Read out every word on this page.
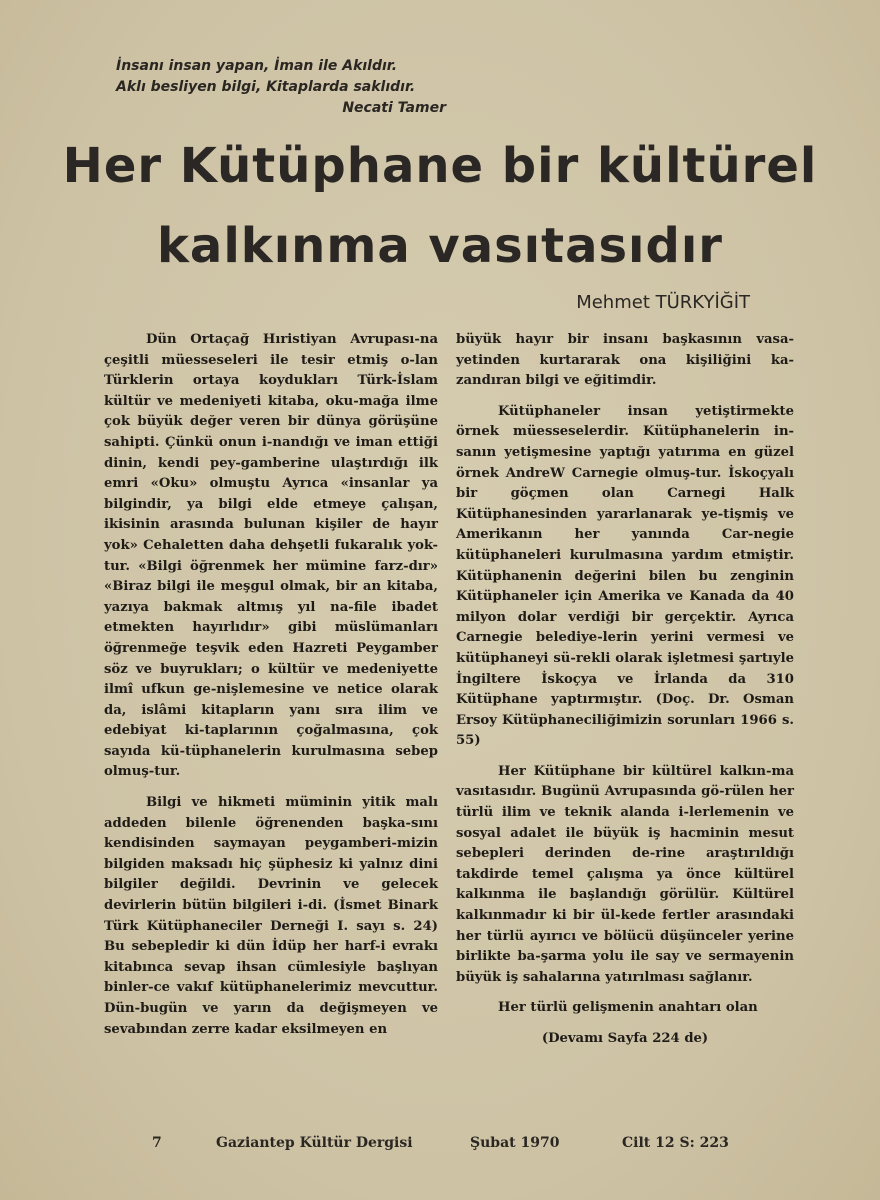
İnsanı insan yapan, İman ile Akıldır.
Aklı besliyen bilgi, Kitaplarda saklıdır.
Necati Tamer
Her Kütüphane bir kültürel
kalkınma vasıtasıdır
Mehmet TÜRKYİĞİT

Dün Ortaçağ Hıristiyan Avrupası-na çeşitli müesseseleri ile tesir etmiş o-lan Türklerin ortaya koydukları Türk-İslam kültür ve medeniyeti kitaba, oku-mağa ilme çok büyük değer veren bir dünya görüşüne sahipti. Çünkü onun i-nandığı ve iman ettiği dinin, kendi pey-gamberine ulaştırdığı ilk emri «Oku» olmuştu Ayrıca «insanlar ya bilgindir, ya bilgi elde etmeye çalışan, ikisinin arasında bulunan kişiler de hayır yok» Cehaletten daha dehşetli fukaralık yok-tur. «Bilgi öğrenmek her mümine farz-dır» «Biraz bilgi ile meşgul olmak, bir an kitaba, yazıya bakmak altmış yıl na-file ibadet etmekten hayırlıdır» gibi müslümanları öğrenmeğe teşvik eden Hazreti Peygamber söz ve buyrukları; o kültür ve medeniyette ilmî ufkun ge-nişlemesine ve netice olarak da, islâmi kitapların yanı sıra ilim ve edebiyat ki-taplarının çoğalmasına, çok sayıda kü-tüphanelerin kurulmasına sebep olmuş-tur.

Bilgi ve hikmeti müminin yitik malı addeden bilenle öğrenenden başka-sını kendisinden saymayan peygamberi-mizin bilgiden maksadı hiç şüphesiz ki yalnız dini bilgiler değildi. Devrinin ve gelecek devirlerin bütün bilgileri i-di. (İsmet Binark Türk Kütüphaneciler Derneği I. sayı s. 24) Bu sebepledir ki dün İdüp her harf-i evrakı kitabınca sevap ihsan cümlesiyle başlıyan binler-ce vakıf kütüphanelerimiz mevcuttur. Dün-bugün ve yarın da değişmeyen ve sevabından zerre kadar eksilmeyen en

büyük hayır bir insanı başkasının vasa-yetinden kurtararak ona kişiliğini ka-zandıran bilgi ve eğitimdir.

Kütüphaneler insan yetiştirmekte örnek müesseselerdir. Kütüphanelerin in-sanın yetişmesine yaptığı yatırıma en güzel örnek AndreW Carnegie olmuş-tur. İskoçyalı bir göçmen olan Carnegi Halk Kütüphanesinden yararlanarak ye-tişmiş ve Amerikanın her yanında Car-negie kütüphaneleri kurulmasına yardım etmiştir. Kütüphanenin değerini bilen bu zenginin Kütüphaneler için Amerika ve Kanada da 40 milyon dolar verdiği bir gerçektir. Ayrıca Carnegie belediye-lerin yerini vermesi ve kütüphaneyi sü-rekli olarak işletmesi şartıyle İngiltere İskoçya ve İrlanda da 310 Kütüphane yaptırmıştır. (Doç. Dr. Osman Ersoy Kütüphaneciliğimizin sorunları 1966 s. 55)

Her Kütüphane bir kültürel kalkın-ma vasıtasıdır. Bugünü Avrupasında gö-rülen her türlü ilim ve teknik alanda i-lerlemenin ve sosyal adalet ile büyük iş hacminin mesut sebepleri derinden de-rine araştırıldığı takdirde temel çalışma ya önce kültürel kalkınma ile başlandığı görülür. Kültürel kalkınmadır ki bir ül-kede fertler arasındaki her türlü ayırıcı ve bölücü düşünceler yerine birlikte ba-şarma yolu ile say ve sermayenin büyük iş sahalarına yatırılması sağlanır.

Her türlü gelişmenin anahtarı olan

(Devamı Sayfa 224 de)

7	Gaziantep Kültür Dergisi	Şubat 1970	Cilt 12 S: 223
